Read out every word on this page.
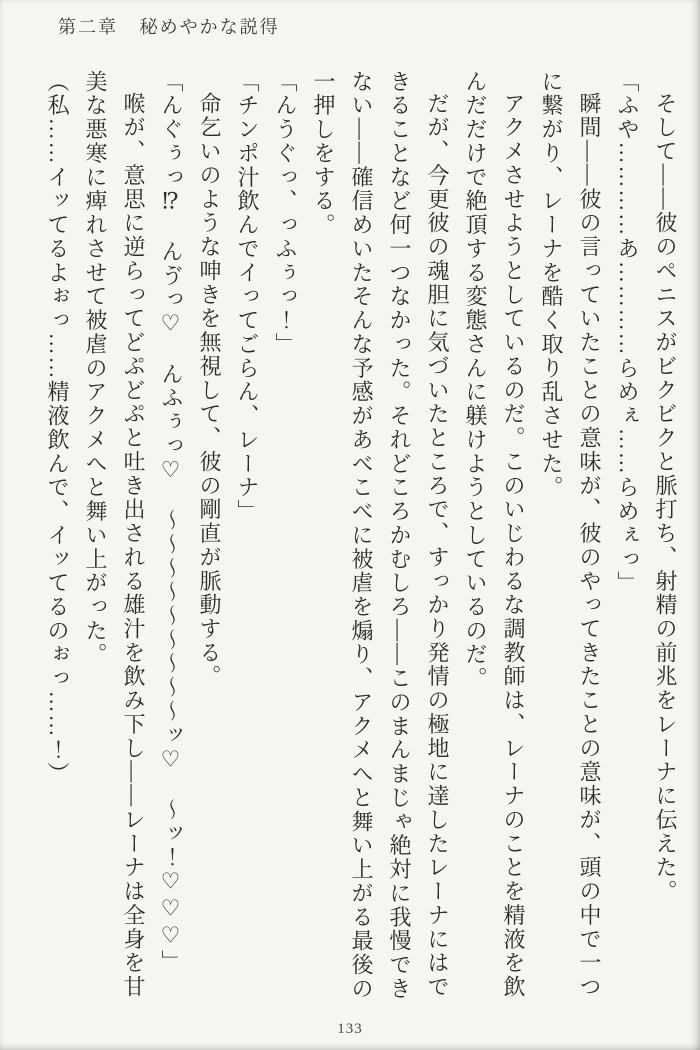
第二章 秘めやかな説得

そして――彼のペニスがビクビクと脈打ち、射精の前兆をレーナに伝えた。

「ふや…………あ…………らめぇ……らめぇっ」

瞬間――彼の言っていたことの意味が、彼のやってきたことの意味が、頭の中で一つに繋がり、レーナを酷く取り乱させた。

アクメさせようとしているのだ。このいじわるな調教師は、レーナのことを精液を飲んだだけで絶頂する変態さんに躾けようとしているのだ。

だが、今更彼の魂胆に気づいたところで、すっかり発情の極地に達したレーナにはできることなど何一つなかった。それどころかむしろ――このまんまじゃ絶対に我慢できない――確信めいたそんな予感があべこべに被虐を煽り、アクメへと舞い上がる最後の一押しをする。

「んうぐっ、っふぅっ！」

「チンポ汁飲んでイってごらん、レーナ」

命乞いのような呻きを無視して、彼の剛直が脈動する。

「んぐぅっ⁉　んゔっ♡　んふぅっ♡　〜〜〜〜〜〜〜〜〜ッ♡　〜ッ！♡♡♡」

喉が、意思に逆らってどぷどぷと吐き出される雄汁を飲み下し――レーナは全身を甘美な悪寒に痺れさせて被虐のアクメへと舞い上がった。

（私……イッてるよぉっ……精液飲んで、イッてるのぉっ……！）

133
